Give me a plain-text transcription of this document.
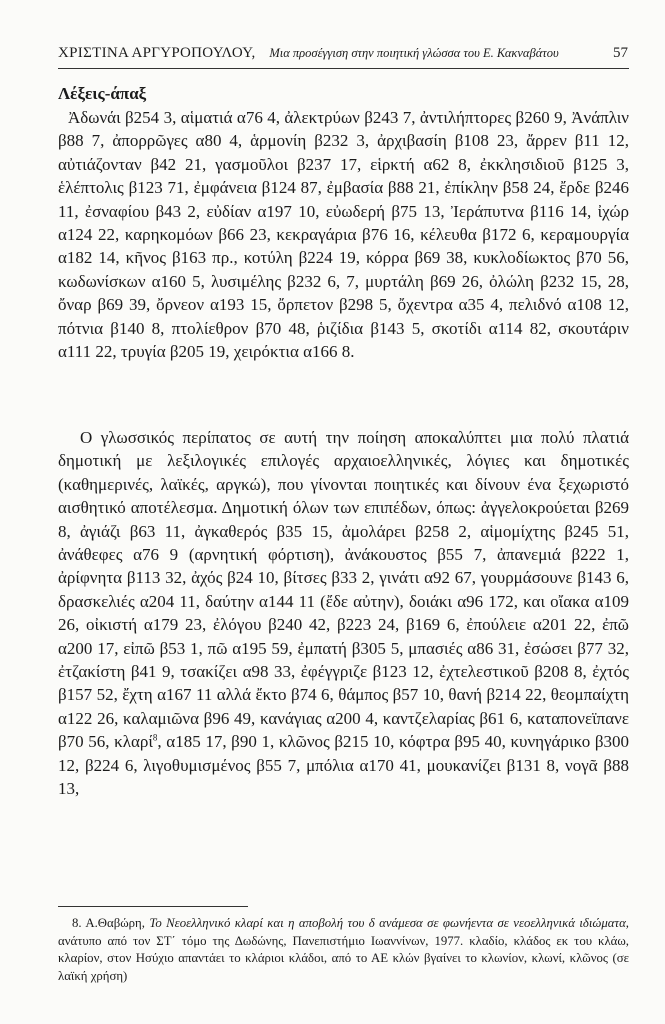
ΧΡΙΣΤΙΝΑ ΑΡΓΥΡΟΠΟΥΛΟΥ, Μια προσέγγιση στην ποιητική γλώσσα του Ε. Κακναβάτου	57
Λέξεις-άπαξ
Ἀδωνάι β254 3, αἱματιά α76 4, ἀλεκτρύων β243 7, ἀντιλήπτορες β260 9, Ἀνάπλιν β88 7, ἀπορρῶγες α80 4, ἁρμονίη β232 3, ἀρχιβασίη β108 23, ἄρρεν β11 12, αὐτιάζονταν β42 21, γασμοῦλοι β237 17, εἱρκτή α62 8, ἐκκλησιδιοῦ β125 3, ἑλέπτολις β123 71, ἐμφάνεια β124 87, ἐμβασία β88 21, ἐπίκλην β58 24, ἔρδε β246 11, ἐσναφίου β43 2, εὐδίαν α197 10, εὐωδερή β75 13, Ἰεράπυτνα β116 14, ἰχώρ α124 22, καρηκομόων β66 23, κεκραγάρια β76 16, κέλευθα β172 6, κεραμουργία α182 14, κῆνος β163 πρ., κοτύλη β224 19, κόρρα β69 38, κυκλοδίωκτος β70 56, κωδωνίσκων α160 5, λυσιμέλης β232 6, 7, μυρτάλη β69 26, ὀλώλη β232 15, 28, ὄναρ β69 39, ὄρνεον α193 15, ὄρπετον β298 5, ὄχεντρα α35 4, πελιδνό α108 12, πότνια β140 8, πτολίεθρον β70 48, ῥιζίδια β143 5, σκοτίδι α114 82, σκουτάριν α111 22, τρυγία β205 19, χειρόκτια α166 8.
Ο γλωσσικός περίπατος σε αυτή την ποίηση αποκαλύπτει μια πολύ πλατιά δημοτική με λεξιλογικές επιλογές αρχαιοελληνικές, λόγιες και δημοτικές (καθημερινές, λαϊκές, αργκώ), που γίνονται ποιητικές και δίνουν ένα ξεχωριστό αισθητικό αποτέλεσμα. Δημοτική όλων των επιπέδων, όπως: ἀγγελοκρούεται β269 8, ἀγιάζι β63 11, ἀγκαθερός β35 15, ἀμολάρει β258 2, αἱμομίχτης β245 51, ἀνάθεφες α76 9 (αρνητική φόρτιση), ἀνάκουστος β55 7, ἀπανεμιά β222 1, ἀρίφνητα β113 32, ἀχός β24 10, βίτσες β33 2, γινάτι α92 67, γουρμάσουνε β143 6, δρασκελιές α204 11, δαύτην α144 11 (ἔδε αὐτην), δοιάκι α96 172, και οἴακα α109 26, οἰκιστή α179 23, ἐλόγου β240 42, β223 24, β169 6, ἐπούλειε α201 22, ἐπῶ α200 17, εἰπῶ β53 1, πῶ α195 59, ἐμπατή β305 5, μπασιές α86 31, ἐσώσει β77 32, ἐτζακίστη β41 9, τσακίζει α98 33, ἐφέγγριζε β123 12, ἐχτελεστικοῦ β208 8, ἐχτός β157 52, ἔχτη α167 11 αλλά ἔκτο β74 6, θάμπος β57 10, θανή β214 22, θεομπαίχτη α122 26, καλαμιῶνα β96 49, κανάγιας α200 4, καντζελαρίας β61 6, καταπονεϊπανε β70 56, κλαρί$^8$, α185 17, β90 1, κλῶνος β215 10, κόφτρα β95 40, κυνηγάρικο β300 12, β224 6, λιγοθυμισμένος β55 7, μπόλια α170 41, μουκανίζει β131 8, νογᾶ β88 13,
8. Α.Θαβώρη, Το Νεοελληνικό κλαρί και η αποβολή του δ ανάμεσα σε φωνήεντα σε νεοελληνικά ιδιώματα, ανάτυπο από τον ΣΤ΄ τόμο της Δωδώνης, Πανεπιστήμιο Ιωαννίνων, 1977. κλαδίο, κλάδος εκ του κλάω, κλαρίον, στον Ησύχιο απαντάει το κλάριοι κλάδοι, από το ΑΕ κλών βγαίνει το κλωνίον, κλωνί, κλῶνος (σε λαϊκή χρήση)
